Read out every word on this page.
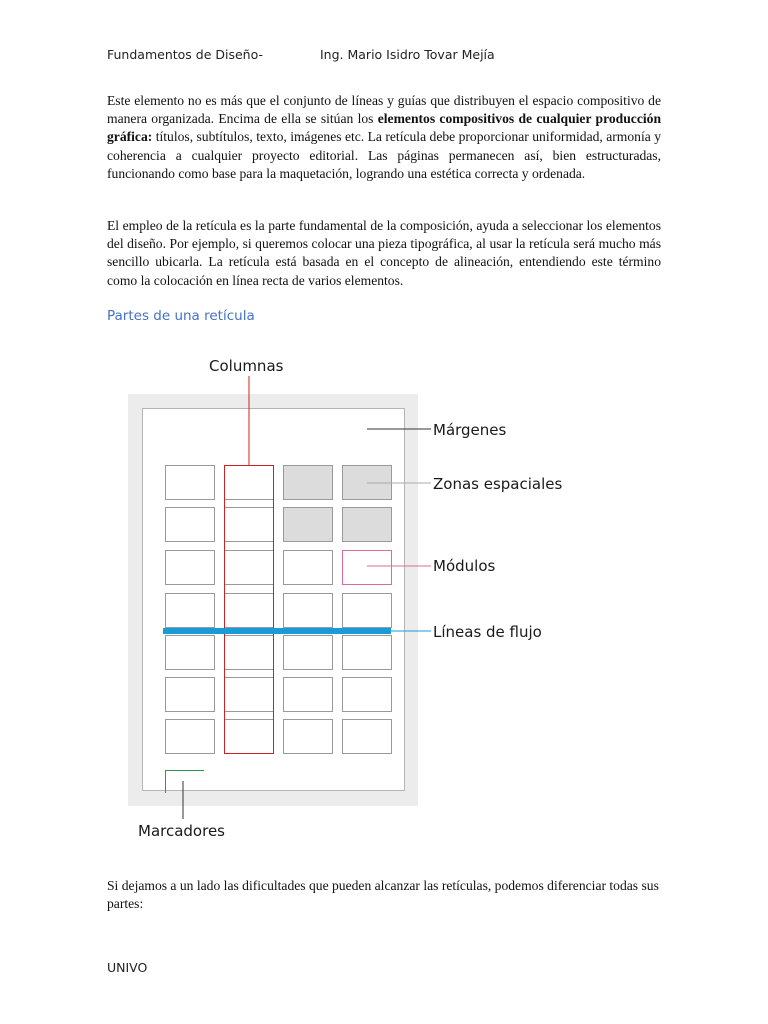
Fundamentos de Diseño-	Ing. Mario Isidro Tovar Mejía

Este elemento no es más que el conjunto de líneas y guías que distribuyen el espacio compositivo de manera organizada. Encima de ella se sitúan los elementos compositivos de cualquier producción gráfica: títulos, subtítulos, texto, imágenes etc. La retícula debe proporcionar uniformidad, armonía y coherencia a cualquier proyecto editorial. Las páginas permanecen así, bien estructuradas, funcionando como base para la maquetación, logrando una estética correcta y ordenada.

El empleo de la retícula es la parte fundamental de la composición, ayuda a seleccionar los elementos del diseño. Por ejemplo, si queremos colocar una pieza tipográfica, al usar la retícula será mucho más sencillo ubicarla. La retícula está basada en el concepto de alineación, entendiendo este término como la colocación en línea recta de varios elementos.

Partes de una retícula
Columnas
Márgenes
Zonas espaciales
Módulos
Líneas de flujo
Marcadores

Si dejamos a un lado las dificultades que pueden alcanzar las retículas, podemos diferenciar todas sus partes:

UNIVO
